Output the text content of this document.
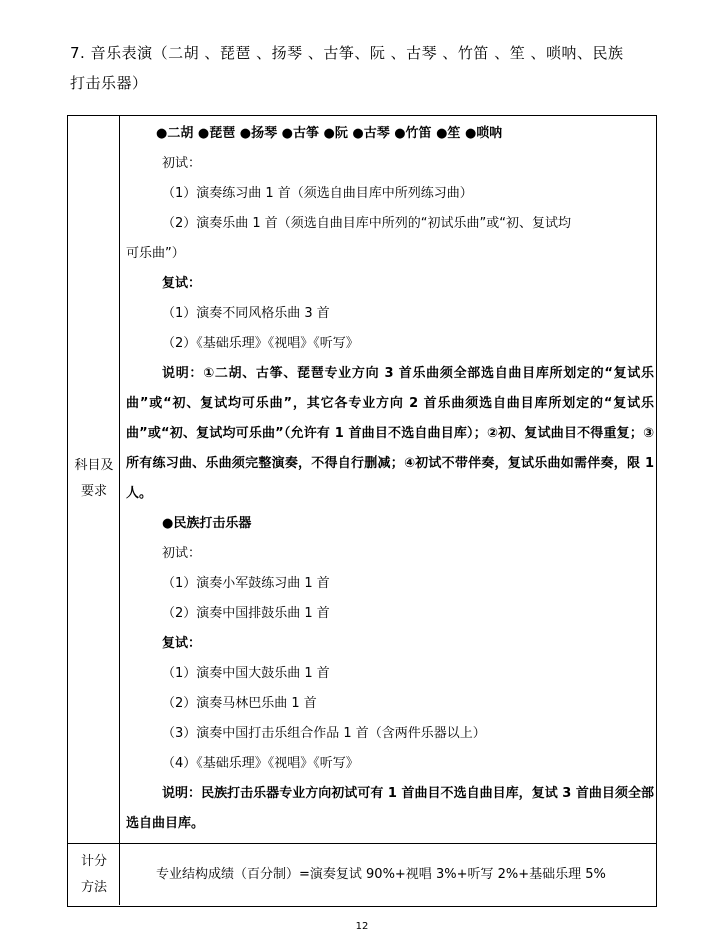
7. 音乐表演（二胡 、琵琶 、扬琴 、古筝、阮 、古琴 、竹笛 、笙 、唢呐、民族
打击乐器）
科目及
要求
●二胡 ●琵琶 ●扬琴 ●古筝 ●阮 ●古琴 ●竹笛 ●笙 ●唢呐
初试：
（1）演奏练习曲 1 首（须选自曲目库中所列练习曲）
（2）演奏乐曲 1 首（须选自曲目库中所列的“初试乐曲”或“初、复试均
可乐曲”）
复试：
（1）演奏不同风格乐曲 3 首
（2）《基础乐理》《视唱》《听写》
说明：①二胡、古筝、琵琶专业方向 3 首乐曲须全部选自曲目库所划定的“复试乐曲”或“初、复试均可乐曲”，其它各专业方向 2 首乐曲须选自曲目库所划定的“复试乐曲”或“初、复试均可乐曲”（允许有 1 首曲目不选自曲目库）；②初、复试曲目不得重复；③所有练习曲、乐曲须完整演奏，不得自行删减；④初试不带伴奏，复试乐曲如需伴奏，限 1 人。
●民族打击乐器
初试：
（1）演奏小军鼓练习曲 1 首
（2）演奏中国排鼓乐曲 1 首
复试：
（1）演奏中国大鼓乐曲 1 首
（2）演奏马林巴乐曲 1 首
（3）演奏中国打击乐组合作品 1 首（含两件乐器以上）
（4）《基础乐理》《视唱》《听写》
说明：民族打击乐器专业方向初试可有 1 首曲目不选自曲目库，复试 3 首曲目须全部选自曲目库。
计分
方法
专业结构成绩（百分制）=演奏复试 90%+视唱 3%+听写 2%+基础乐理 5%
12
